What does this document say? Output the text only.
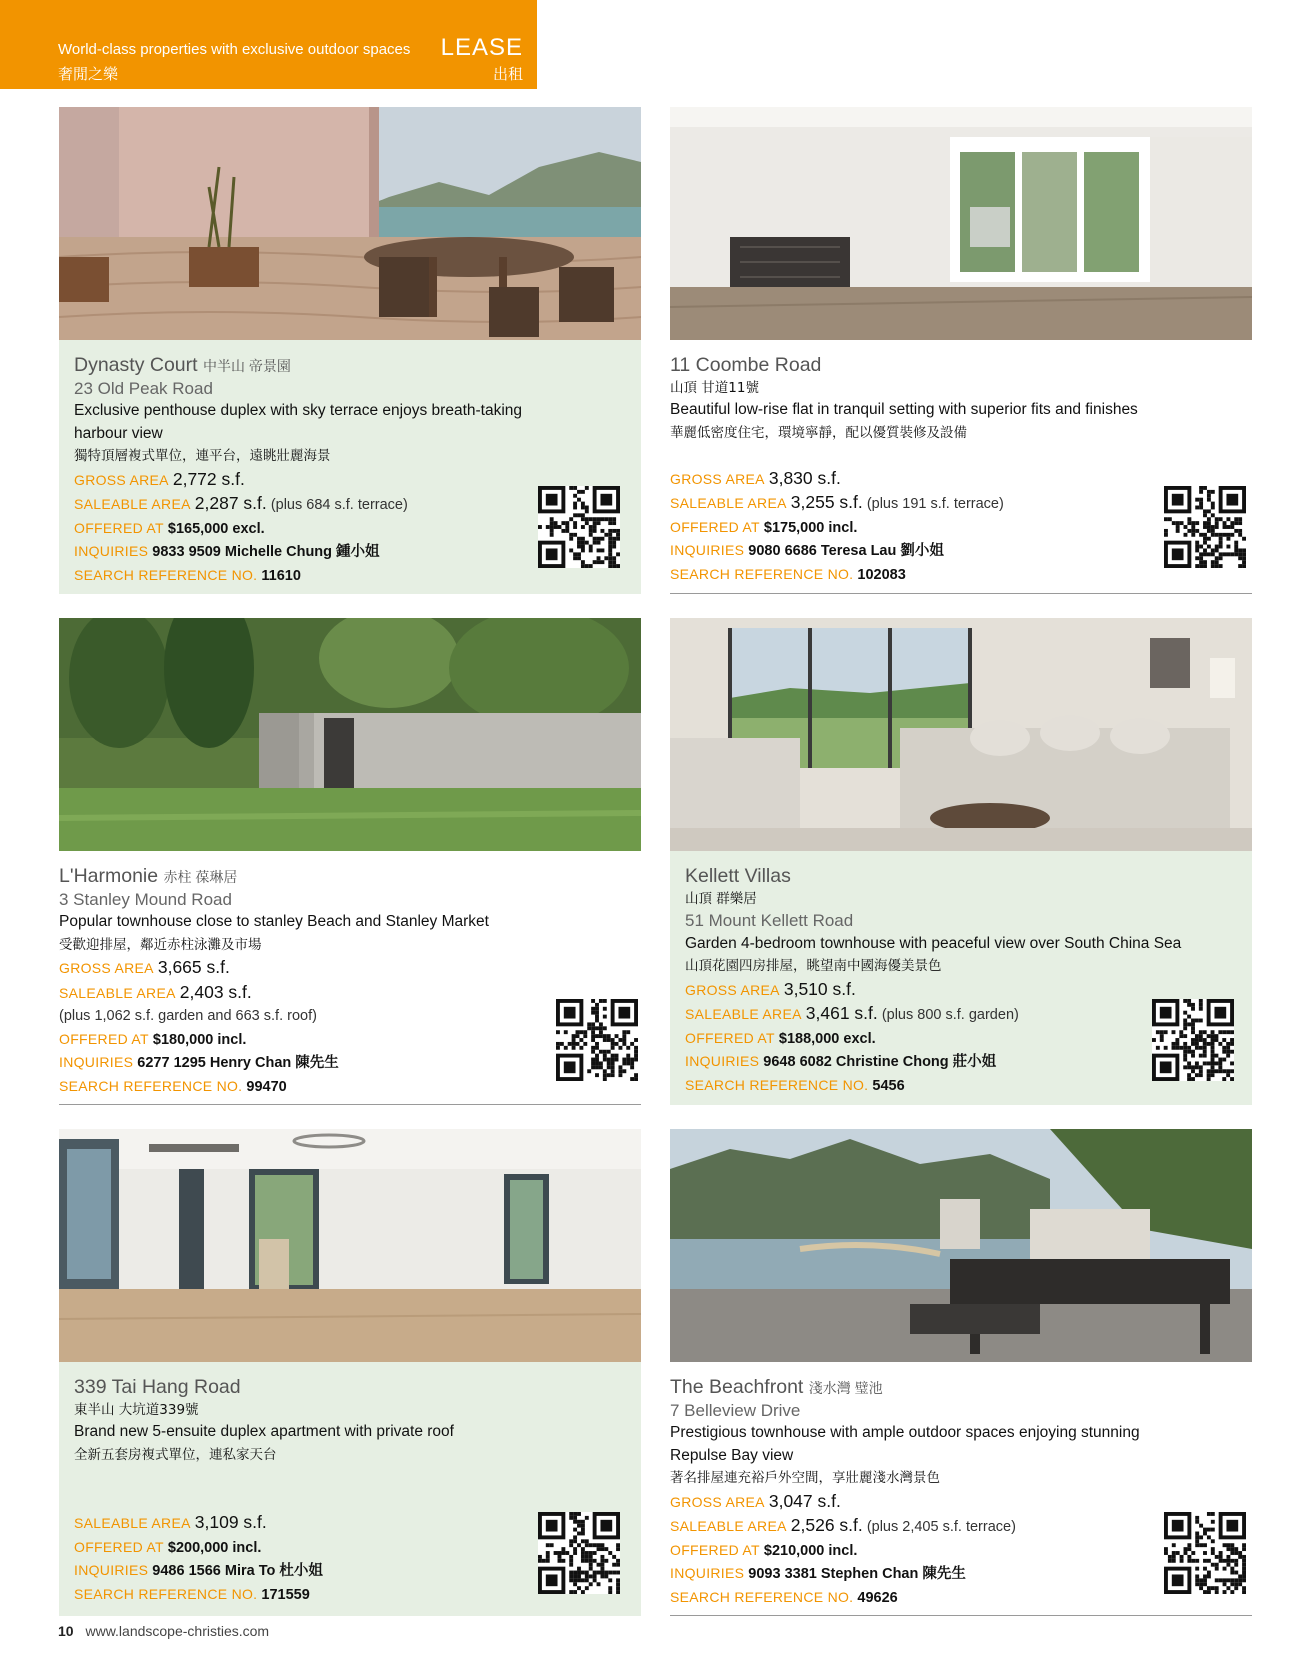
World-class properties with exclusive outdoor spaces
奢閒之樂
LEASE
出租
Dynasty Court 中半山 帝景園
23 Old Peak Road
Exclusive penthouse duplex with sky terrace enjoys breath-taking
harbour view
獨特頂層複式單位，連平台，遠眺壯麗海景
GROSS AREA 2,772 s.f.
SALEABLE AREA 2,287 s.f. (plus 684 s.f. terrace)
OFFERED AT $165,000 excl.
INQUIRIES 9833 9509 Michelle Chung 鍾小姐
SEARCH REFERENCE NO. 11610
11 Coombe Road
山頂 甘道11號
Beautiful low-rise flat in tranquil setting with superior fits and finishes
華麗低密度住宅，環境寧靜，配以優質裝修及設備
GROSS AREA 3,830 s.f.
SALEABLE AREA 3,255 s.f. (plus 191 s.f. terrace)
OFFERED AT $175,000 incl.
INQUIRIES 9080 6686 Teresa Lau 劉小姐
SEARCH REFERENCE NO. 102083
L'Harmonie 赤柱 葆琳居
3 Stanley Mound Road
Popular townhouse close to stanley Beach and Stanley Market
受歡迎排屋，鄰近赤柱泳灘及市場
GROSS AREA 3,665 s.f.
SALEABLE AREA 2,403 s.f.
(plus 1,062 s.f. garden and 663 s.f. roof)
OFFERED AT $180,000 incl.
INQUIRIES 6277 1295 Henry Chan 陳先生
SEARCH REFERENCE NO. 99470
Kellett Villas
山頂 群樂居
51 Mount Kellett Road
Garden 4-bedroom townhouse with peaceful view over South China Sea
山頂花園四房排屋，眺望南中國海優美景色
GROSS AREA 3,510 s.f.
SALEABLE AREA 3,461 s.f. (plus 800 s.f. garden)
OFFERED AT $188,000 excl.
INQUIRIES 9648 6082 Christine Chong 莊小姐
SEARCH REFERENCE NO. 5456
339 Tai Hang Road
東半山 大坑道339號
Brand new 5-ensuite duplex apartment with private roof
全新五套房複式單位，連私家天台
SALEABLE AREA 3,109 s.f.
OFFERED AT $200,000 incl.
INQUIRIES 9486 1566 Mira To 杜小姐
SEARCH REFERENCE NO. 171559
The Beachfront 淺水灣 璧池
7 Belleview Drive
Prestigious townhouse with ample outdoor spaces enjoying stunning
Repulse Bay view
著名排屋連充裕戶外空間，享壯麗淺水灣景色
GROSS AREA 3,047 s.f.
SALEABLE AREA 2,526 s.f. (plus 2,405 s.f. terrace)
OFFERED AT $210,000 incl.
INQUIRIES 9093 3381 Stephen Chan 陳先生
SEARCH REFERENCE NO. 49626
10 www.landscope-christies.com
